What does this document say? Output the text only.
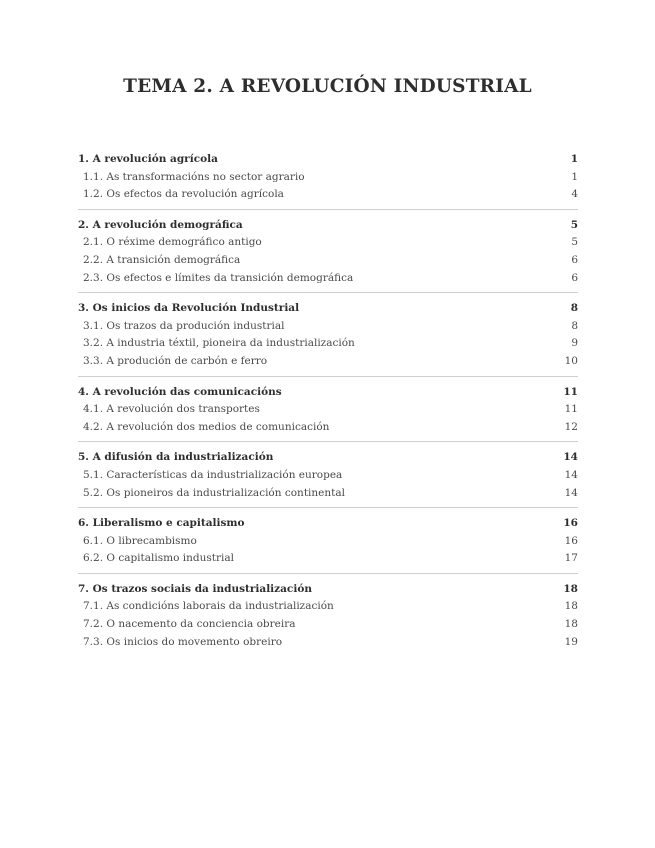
TEMA 2. A REVOLUCIÓN INDUSTRIAL
1. A revolución agrícola	1
1.1. As transformacións no sector agrario	1
1.2. Os efectos da revolución agrícola	4
2. A revolución demográfica	5
2.1. O réxime demográfico antigo	5
2.2. A transición demográfica	6
2.3. Os efectos e límites da transición demográfica	6
3. Os inicios da Revolución Industrial	8
3.1. Os trazos da produción industrial	8
3.2. A industria téxtil, pioneira da industrialización	9
3.3. A produción de carbón e ferro	10
4. A revolución das comunicacións	11
4.1. A revolución dos transportes	11
4.2. A revolución dos medios de comunicación	12
5. A difusión da industrialización	14
5.1. Características da industrialización europea	14
5.2. Os pioneiros da industrialización continental	14
6. Liberalismo e capitalismo	16
6.1. O librecambismo	16
6.2. O capitalismo industrial	17
7. Os trazos sociais da industrialización	18
7.1. As condicións laborais da industrialización	18
7.2. O nacemento da conciencia obreira	18
7.3. Os inicios do movemento obreiro	19
